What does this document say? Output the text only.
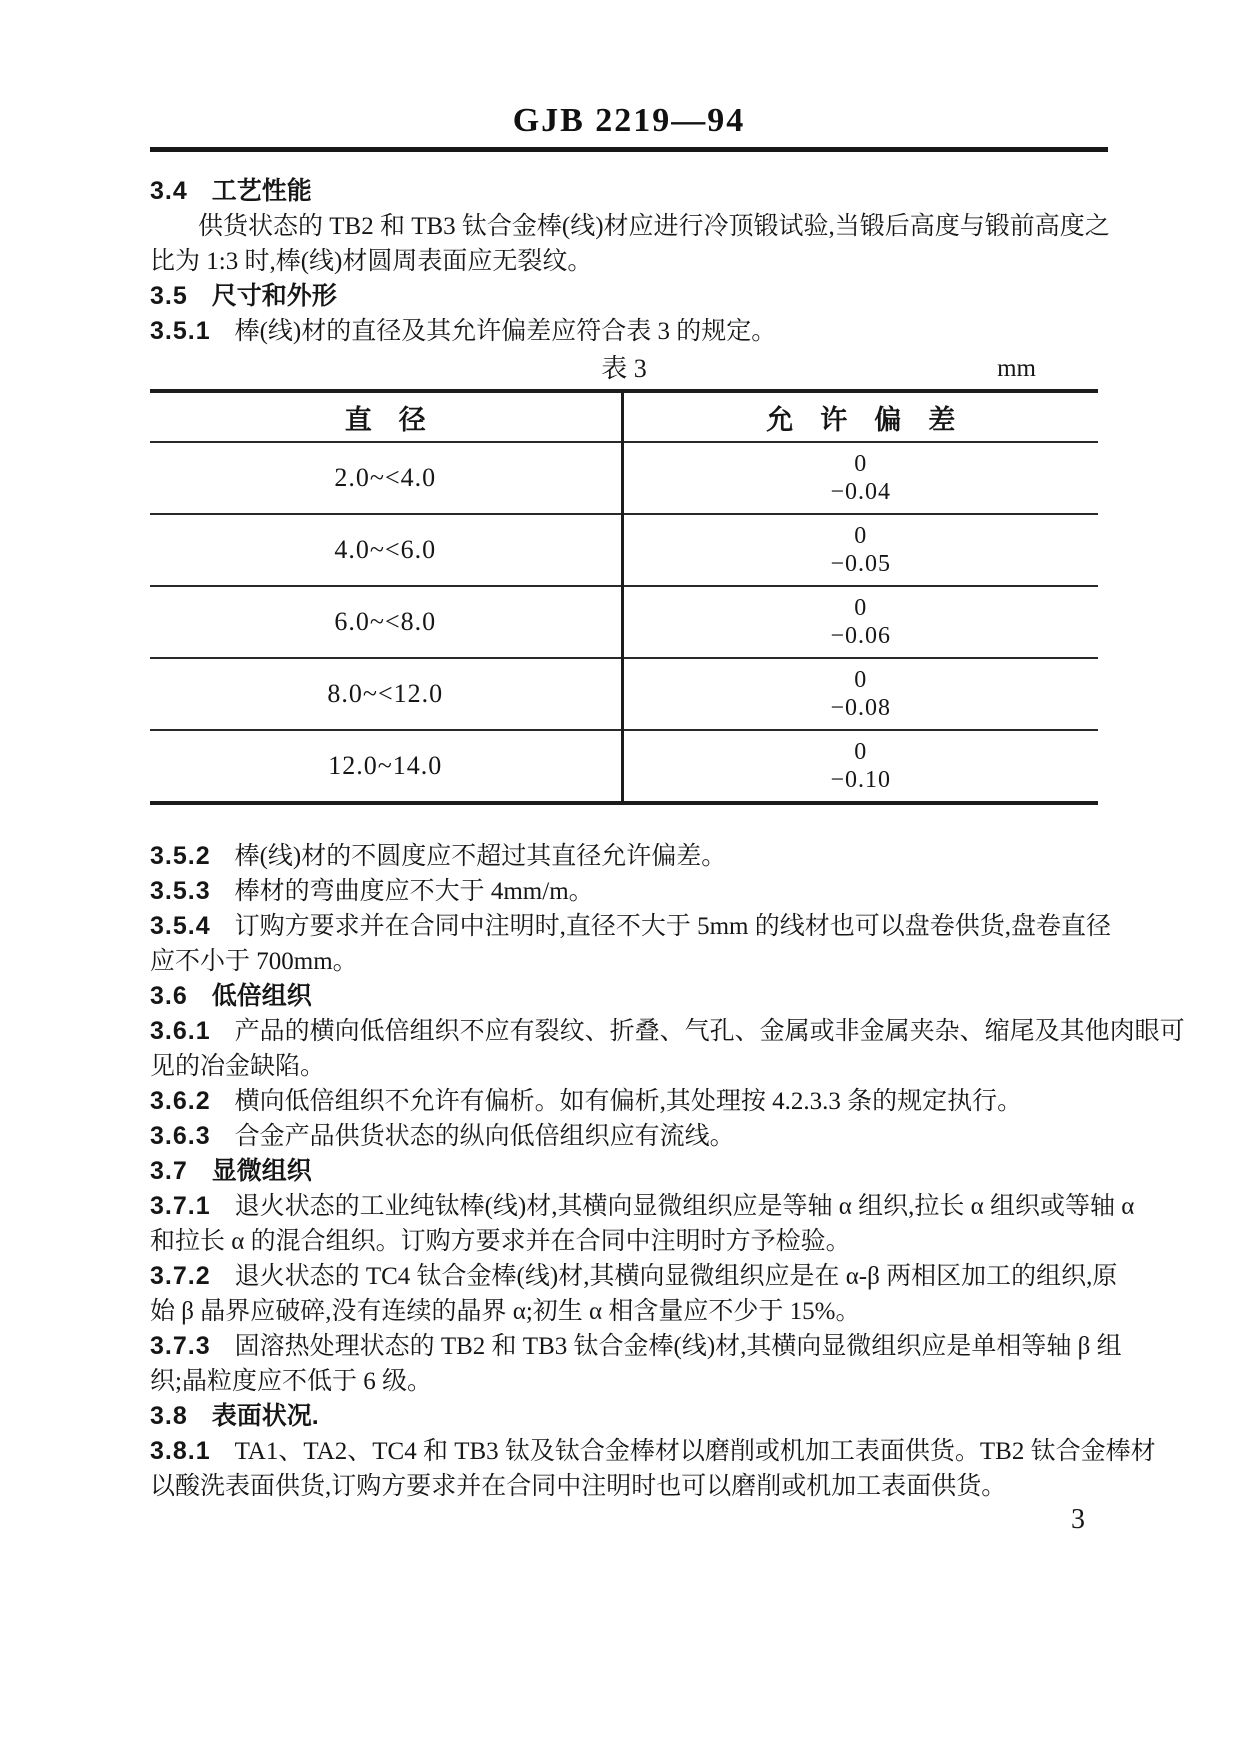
GJB 2219—94
3.4 工艺性能
供货状态的 TB2 和 TB3 钛合金棒(线)材应进行冷顶锻试验,当锻后高度与锻前高度之
比为 1:3 时,棒(线)材圆周表面应无裂纹。
3.5 尺寸和外形
3.5.1 棒(线)材的直径及其允许偏差应符合表 3 的规定。
表 3	mm
直　径	允　许　偏　差
2.0~<4.0	0
−0.04

4.0~<6.0	0
−0.05

6.0~<8.0	0
−0.06

8.0~<12.0	0
−0.08

12.0~14.0	0
−0.10
3.5.2 棒(线)材的不圆度应不超过其直径允许偏差。
3.5.3 棒材的弯曲度应不大于 4mm/m。
3.5.4 订购方要求并在合同中注明时,直径不大于 5mm 的线材也可以盘卷供货,盘卷直径
应不小于 700mm。
3.6 低倍组织
3.6.1 产品的横向低倍组织不应有裂纹、折叠、气孔、金属或非金属夹杂、缩尾及其他肉眼可
见的冶金缺陷。
3.6.2 横向低倍组织不允许有偏析。如有偏析,其处理按 4.2.3.3 条的规定执行。
3.6.3 合金产品供货状态的纵向低倍组织应有流线。
3.7 显微组织
3.7.1 退火状态的工业纯钛棒(线)材,其横向显微组织应是等轴 α 组织,拉长 α 组织或等轴 α
和拉长 α 的混合组织。订购方要求并在合同中注明时方予检验。
3.7.2 退火状态的 TC4 钛合金棒(线)材,其横向显微组织应是在 α-β 两相区加工的组织,原
始 β 晶界应破碎,没有连续的晶界 α;初生 α 相含量应不少于 15%。
3.7.3 固溶热处理状态的 TB2 和 TB3 钛合金棒(线)材,其横向显微组织应是单相等轴 β 组
织;晶粒度应不低于 6 级。
3.8 表面状况.
3.8.1 TA1、TA2、TC4 和 TB3 钛及钛合金棒材以磨削或机加工表面供货。TB2 钛合金棒材
以酸洗表面供货,订购方要求并在合同中注明时也可以磨削或机加工表面供货。
3
